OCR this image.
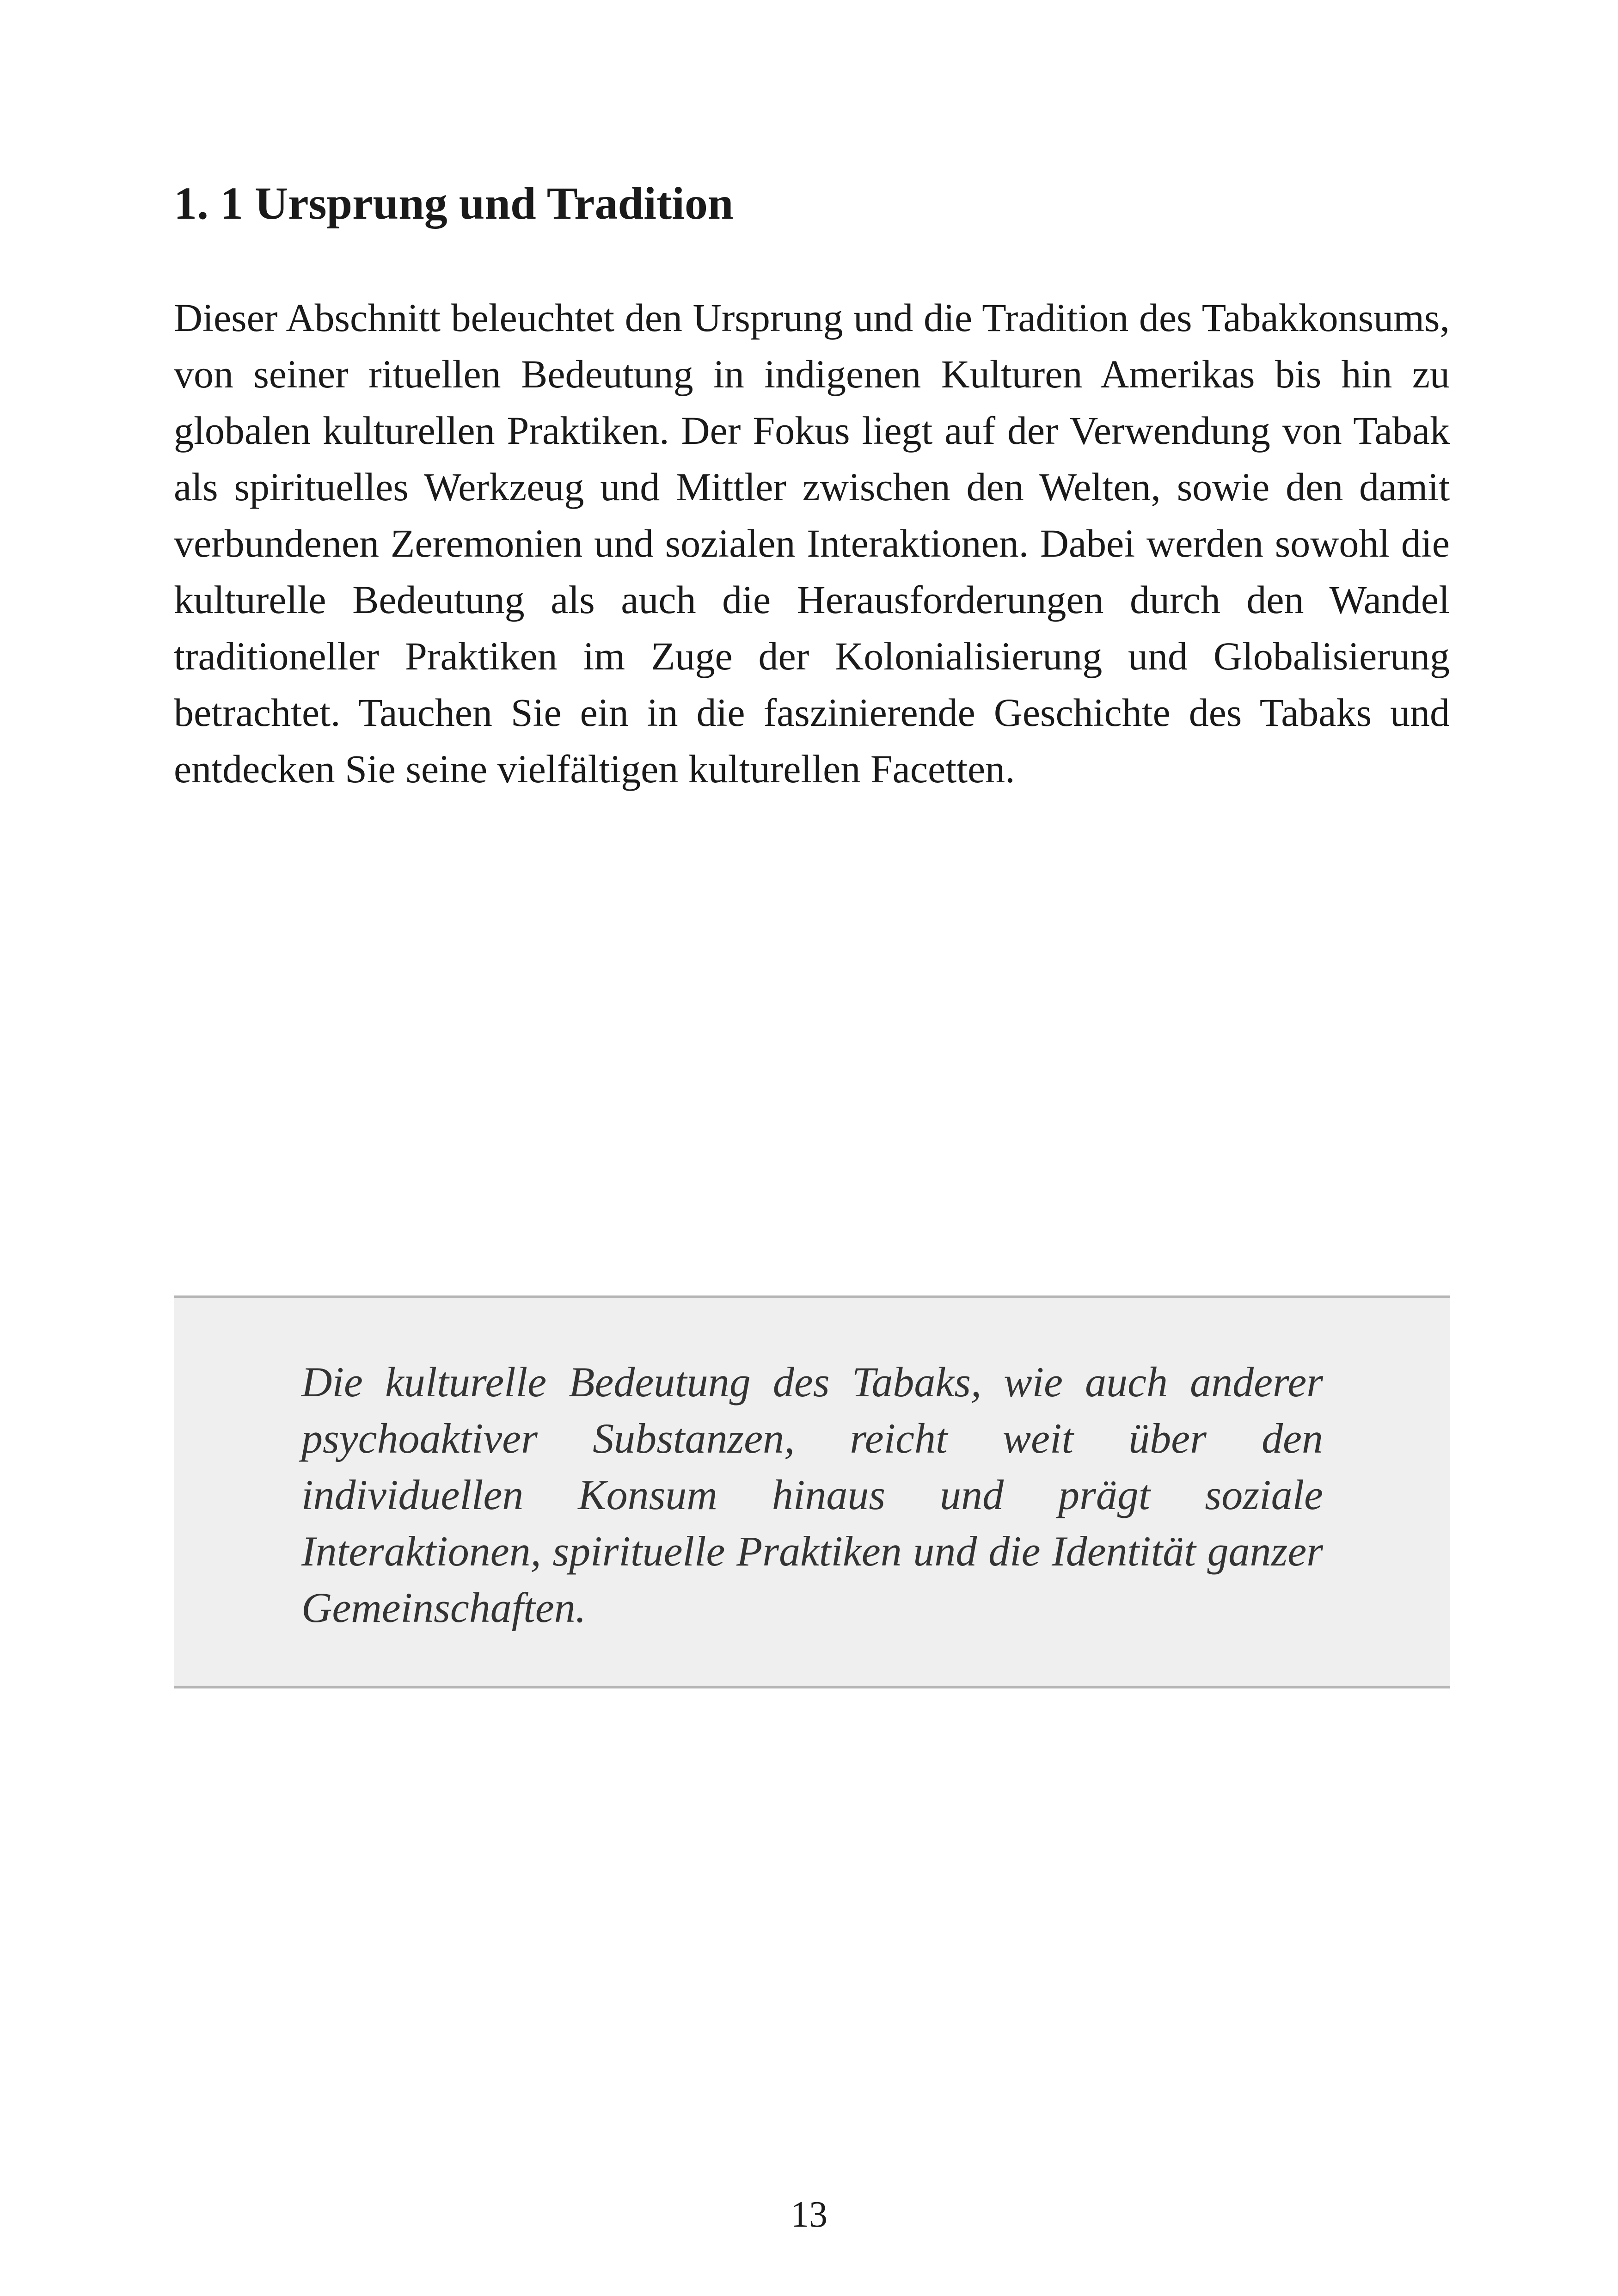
1. 1 Ursprung und Tradition

Dieser Abschnitt beleuchtet den Ursprung und die Tradition des Tabakkonsums, von seiner rituellen Bedeutung in indigenen Kulturen Amerikas bis hin zu globalen kulturellen Praktiken. Der Fokus liegt auf der Verwendung von Tabak als spirituelles Werkzeug und Mittler zwischen den Welten, sowie den damit verbundenen Zeremonien und sozialen Interaktionen. Dabei werden sowohl die kulturelle Bedeutung als auch die Herausforderungen durch den Wandel traditioneller Praktiken im Zuge der Kolonialisierung und Globalisierung betrachtet. Tauchen Sie ein in die faszinierende Geschichte des Tabaks und entdecken Sie seine vielfältigen kulturellen Facetten.

Die kulturelle Bedeutung des Tabaks, wie auch anderer psychoaktiver Substanzen, reicht weit über den individuellen Konsum hinaus und prägt soziale Interaktionen, spirituelle Praktiken und die Identität ganzer Gemeinschaften.

13
